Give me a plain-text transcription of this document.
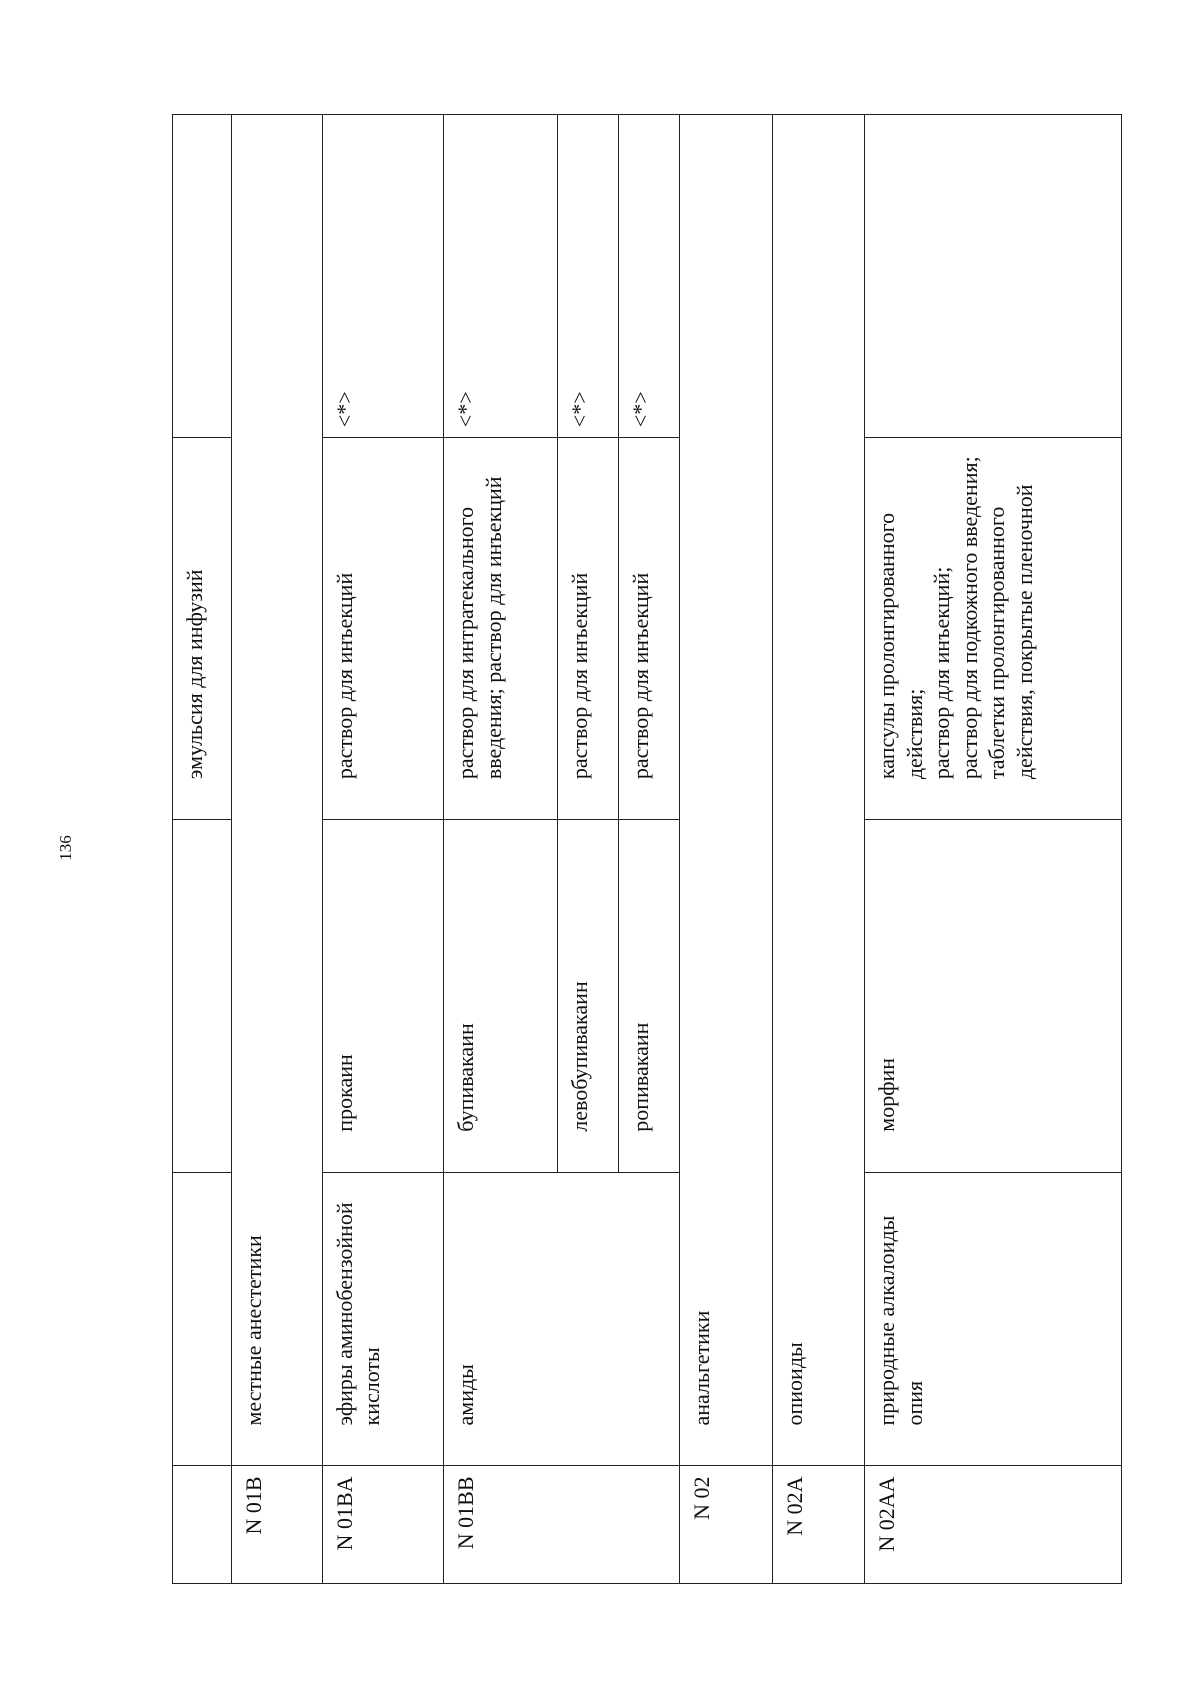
136
			эмульсия для инфузий	
N 01B	местные анестетики			
N 01BA	эфиры аминобензойной кислоты	прокаин	раствор для инъекций	<*>
N 01BB	амиды	бупивакаин	раствор для интратекального введения; раствор для инъекций	<*>
		левобупивакаин	раствор для инъекций	<*>
		ропивакаин	раствор для инъекций	<*>
N 02	анальгетики			
N 02A	опиоиды			
N 02AA	природные алкалоиды опия	морфин	капсулы пролонгированного действия; раствор для инъекций; раствор для подкожного введения; таблетки пролонгированного действия, покрытые пленочной	
